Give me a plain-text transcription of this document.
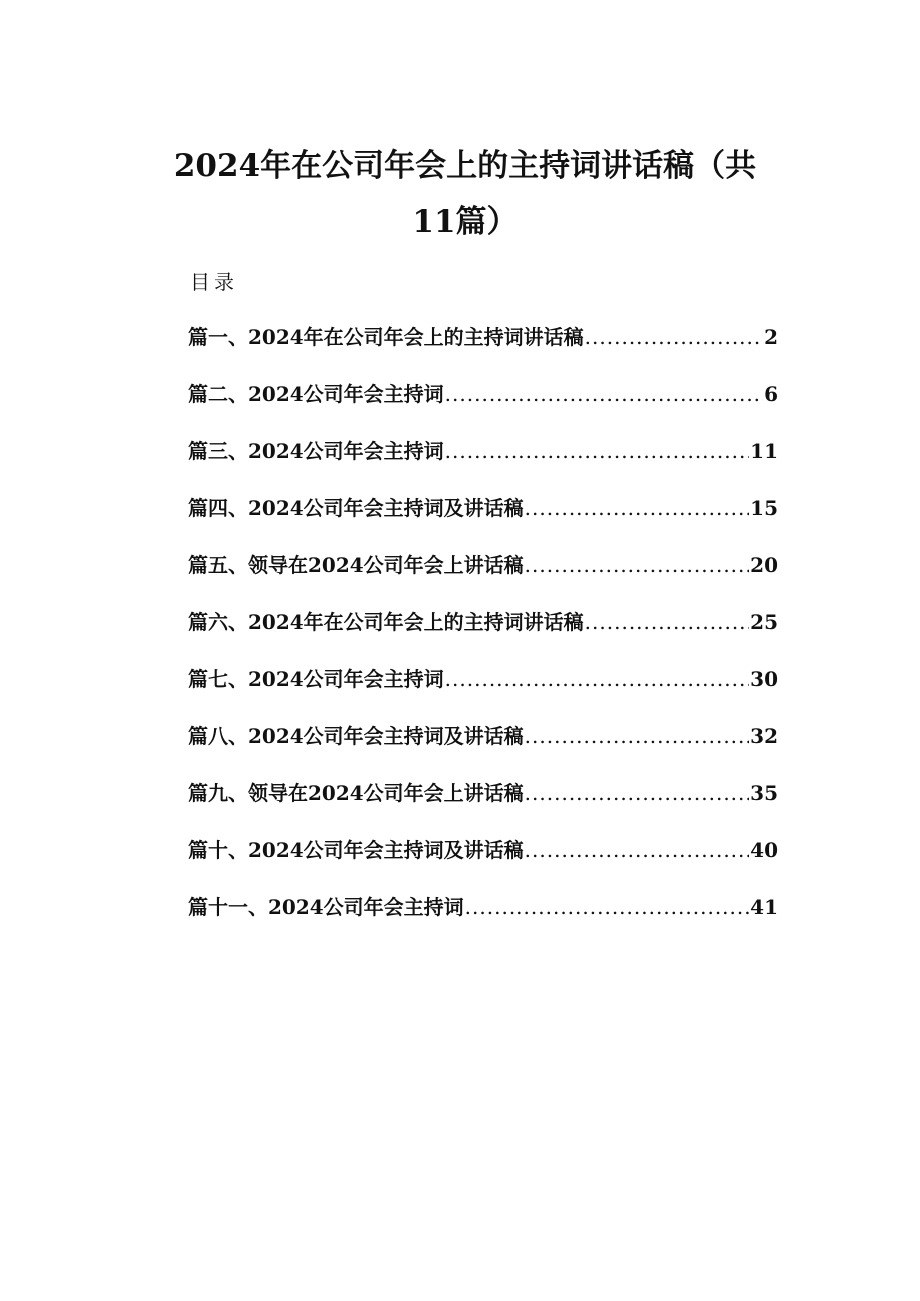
2024年在公司年会上的主持词讲话稿（共
11篇）
目录
篇一、2024年在公司年会上的主持词讲话稿 .....	2
篇二、2024公司年会主持词 .....	6
篇三、2024公司年会主持词 .....	11
篇四、2024公司年会主持词及讲话稿 .....	15
篇五、领导在2024公司年会上讲话稿 .....	20
篇六、2024年在公司年会上的主持词讲话稿 .....	25
篇七、2024公司年会主持词 .....	30
篇八、2024公司年会主持词及讲话稿 .....	32
篇九、领导在2024公司年会上讲话稿 .....	35
篇十、2024公司年会主持词及讲话稿 .....	40
篇十一、2024公司年会主持词 .....	41
